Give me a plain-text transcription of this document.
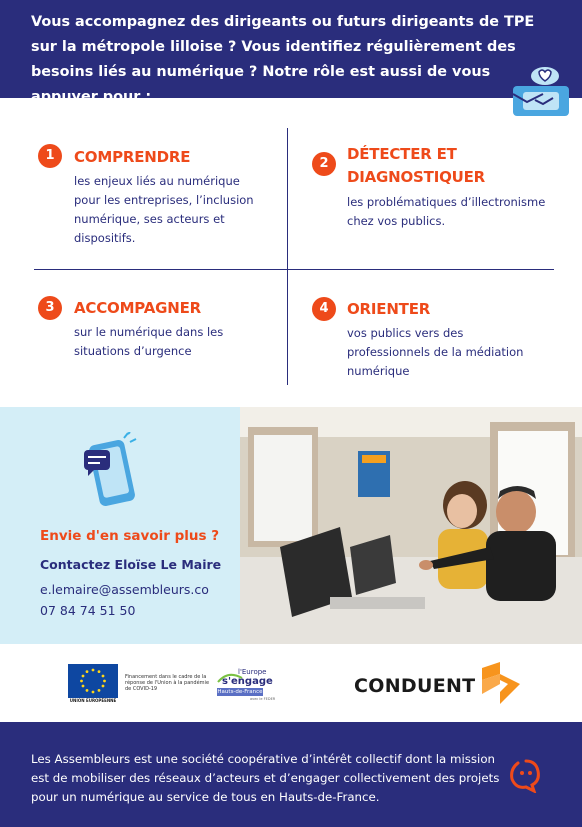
Vous accompagnez des dirigeants ou futurs dirigeants de TPE sur la métropole lilloise ? Vous identifiez régulièrement des besoins liés au numérique ? Notre rôle est aussi de vous appuyer pour :
1	COMPRENDRE
les enjeux liés au numérique pour les entreprises, l’inclusion numérique, ses acteurs et dispositifs.
2
DÉTECTER ET
DIAGNOSTIQUER
les problématiques d’illectronisme chez vos publics.
3	ACCOMPAGNER
sur le numérique dans les situations d’urgence
4	ORIENTER
vos publics vers des professionnels de la médiation numérique
Envie d'en savoir plus ?
Contactez Eloïse Le Maire
e.lemaire@assembleurs.co
07 84 74 51 50
UNION EUROPÉENNE
Financement dans le cadre de la réponse de l'Union à la pandémie de COVID-19
l'Europe
s'engage
Hauts-de-France
avec le FEDER
CONDUENT
Les Assembleurs est une société coopérative d’intérêt collectif dont la mission est de mobiliser des réseaux d’acteurs et d’engager collectivement des projets pour un numérique au service de tous en Hauts-de-France.
